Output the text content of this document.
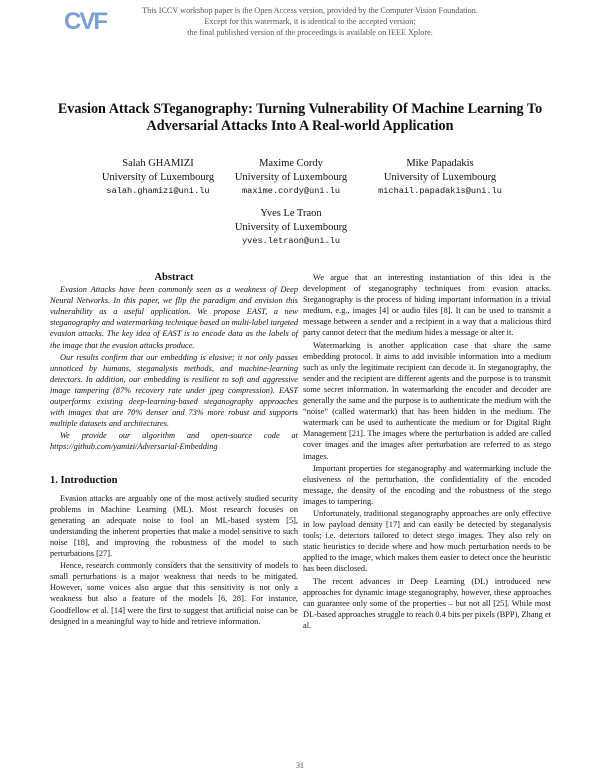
CVF	This ICCV workshop paper is the Open Access version, provided by the Computer Vision Foundation.
Except for this watermark, it is identical to the accepted version;
the final published version of the proceedings is available on IEEE Xplore.
Evasion Attack STeganography: Turning Vulnerability Of Machine Learning To
Adversarial Attacks Into A Real-world Application
Salah GHAMIZI
University of Luxembourg
salah.ghamizi@uni.lu
Maxime Cordy
University of Luxembourg
maxime.cordy@uni.lu
Mike Papadakis
University of Luxembourg
michail.papadakis@uni.lu
Yves Le Traon
University of Luxembourg
yves.letraon@uni.lu

Abstract

Evasion Attacks have been commonly seen as a weakness of Deep Neural Networks. In this paper, we flip the paradigm and envision this vulnerability as a useful application. We propose EAST, a new steganography and watermarking technique based on multi-label targeted evasion attacks. The key idea of EAST is to encode data as the labels of the image that the evasion attacks produce.

Our results confirm that our embedding is elusive; it not only passes unnoticed by humans, steganalysis methods, and machine-learning detectors. In addition, our embedding is resilient to soft and aggressive image tampering (87% recovery rate under jpeg compression). EAST outperforms existing deep-learning-based steganography approaches with images that are 70% denser and 73% more robust and supports multiple datasets and architectures.

We provide our algorithm and open-source code at https://github.com/yamizi/Adversarial-Embedding

1. Introduction

Evasion attacks are arguably one of the most actively studied security problems in Machine Learning (ML). Most research focuses on generating an adequate noise to fool an ML-based system [5], understanding the inherent properties that make a model sensitive to such noise [18], and improving the robustness of the model to such perturbations [27].

Hence, research commonly considers that the sensitivity of models to small perturbations is a major weakness that needs to be mitigated. However, some voices also argue that this sensitivity is not only a weakness but also a feature of the models [6, 28]. For instance, Goodfellow et al. [14] were the first to suggest that artificial noise can be designed in a meaningful way to hide and retrieve information.

We argue that an interesting instantiation of this idea is the development of steganography techniques from evasion attacks. Steganography is the process of hiding important information in a trivial medium, e.g., images [4] or audio files [8]. It can be used to transmit a message between a sender and a recipient in a way that a malicious third party cannot detect that the medium hides a message or alter it.

Watermarking is another application case that share the same embedding protocol. It aims to add invisible information into a medium such as only the legitimate recipient can decode it. In steganography, the sender and the recipient are different agents and the purpose is to transmit some secret information. In watermarking the encoder and decoder are generally the same and the purpose is to authenticate the medium with the “noise” (called watermark) that has been hidden in the medium. The watermark can be used to authenticate the medium or for Digital Right Management [21]. The images where the perturbation is added are called cover images and the images after perturbation are referred to as stego images.

Important properties for steganography and watermarking include the elusiveness of the perturbation, the confidentiality of the encoded message, the density of the encoding and the robustness of the stego images to tampering.

Unfortunately, traditional steganography approaches are only effective in low payload density [17] and can easily be detected by steganalysis tools; i.e. detectors tailored to detect stego images. They also rely on static heuristics to decide where and how much perturbation needs to be applied to the image, which makes them easier to detect once the heuristic has been disclosed.

The recent advances in Deep Learning (DL) introduced new approaches for dynamic image steganography, however, these approaches can guarantee only some of the properties – but not all [25]. While most DL-based approaches struggle to reach 0.4 bits per pixels (BPP), Zhang et al.

31
